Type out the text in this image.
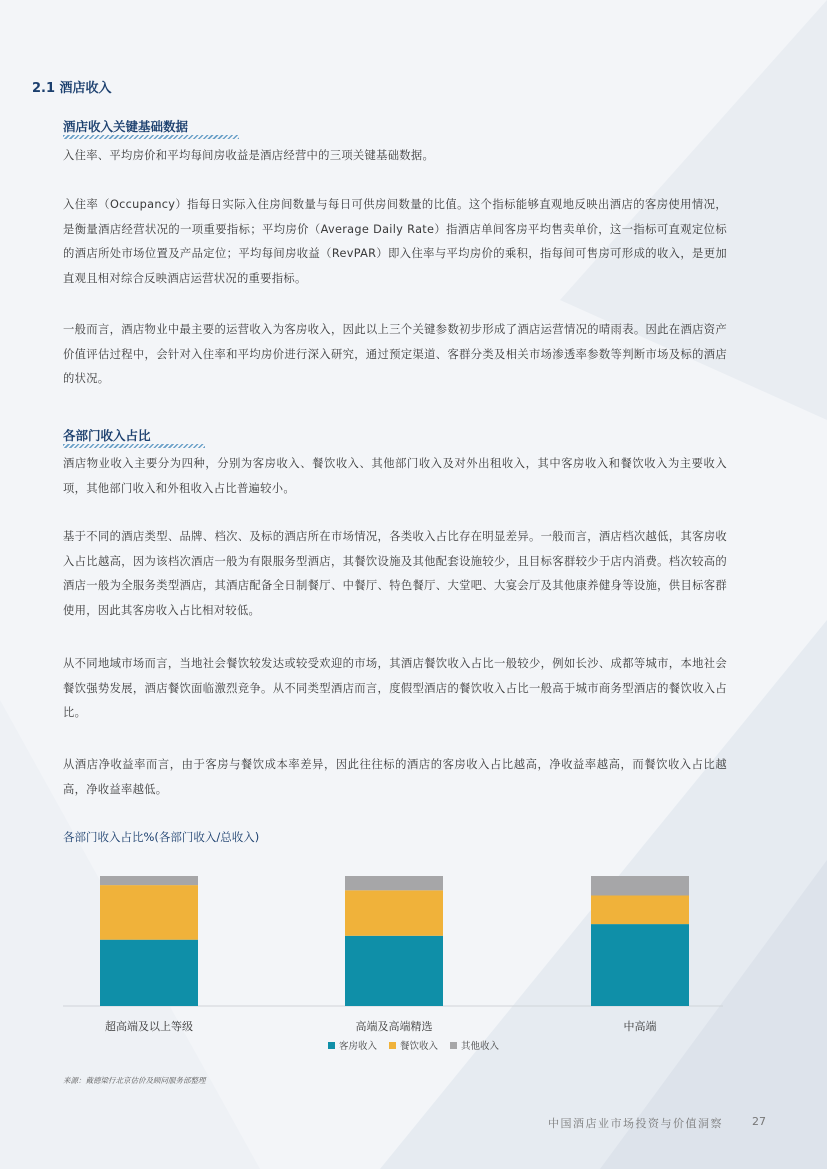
2.1 酒店收入
酒店收入关键基础数据
入住率、平均房价和平均每间房收益是酒店经营中的三项关键基础数据。
入住率（Occupancy）指每日实际入住房间数量与每日可供房间数量的比值。这个指标能够直观地反映出酒店的客房使用情况，是衡量酒店经营状况的一项重要指标；平均房价（Average Daily Rate）指酒店单间客房平均售卖单价，这一指标可直观定位标的酒店所处市场位置及产品定位；平均每间房收益（RevPAR）即入住率与平均房价的乘积，指每间可售房可形成的收入，是更加直观且相对综合反映酒店运营状况的重要指标。
一般而言，酒店物业中最主要的运营收入为客房收入，因此以上三个关键参数初步形成了酒店运营情况的晴雨表。因此在酒店资产价值评估过程中，会针对入住率和平均房价进行深入研究，通过预定渠道、客群分类及相关市场渗透率参数等判断市场及标的酒店的状况。
各部门收入占比
酒店物业收入主要分为四种，分别为客房收入、餐饮收入、其他部门收入及对外出租收入，其中客房收入和餐饮收入为主要收入项，其他部门收入和外租收入占比普遍较小。
基于不同的酒店类型、品牌、档次、及标的酒店所在市场情况，各类收入占比存在明显差异。一般而言，酒店档次越低，其客房收入占比越高，因为该档次酒店一般为有限服务型酒店，其餐饮设施及其他配套设施较少，且目标客群较少于店内消费。档次较高的酒店一般为全服务类型酒店，其酒店配备全日制餐厅、中餐厅、特色餐厅、大堂吧、大宴会厅及其他康养健身等设施，供目标客群使用，因此其客房收入占比相对较低。
从不同地域市场而言，当地社会餐饮较发达或较受欢迎的市场，其酒店餐饮收入占比一般较少，例如长沙、成都等城市，本地社会餐饮强势发展，酒店餐饮面临激烈竞争。从不同类型酒店而言，度假型酒店的餐饮收入占比一般高于城市商务型酒店的餐饮收入占比。
从酒店净收益率而言，由于客房与餐饮成本率差异，因此往往标的酒店的客房收入占比越高，净收益率越高，而餐饮收入占比越高，净收益率越低。
各部门收入占比%(各部门收入/总收入)
超高端及以上等级	高端及高端精选	中高端
客房收入 餐饮收入 其他收入
来源：戴德梁行北京估价及顾问服务部整理
中国酒店业市场投资与价值洞察	27
